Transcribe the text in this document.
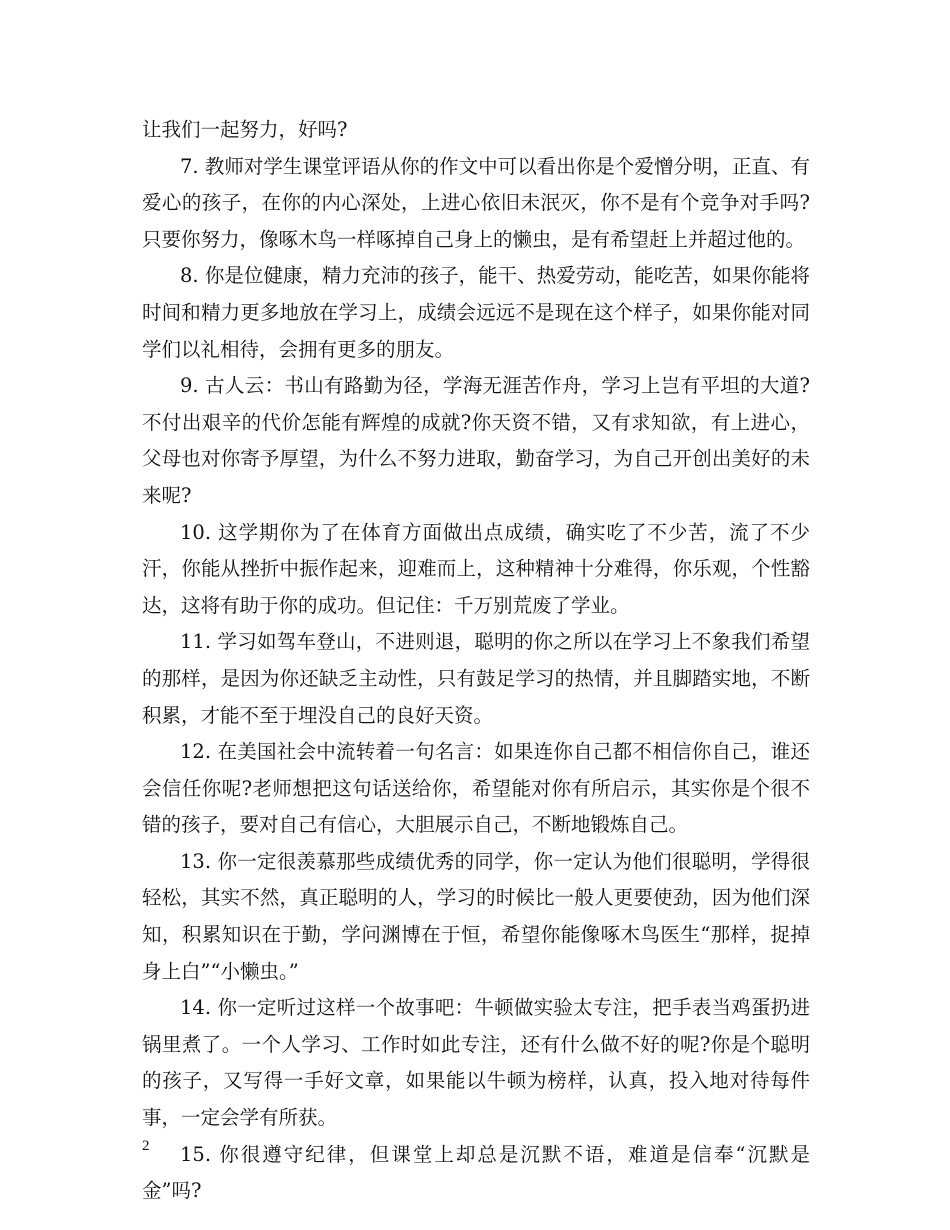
让我们一起努力，好吗?

7. 教师对学生课堂评语从你的作文中可以看出你是个爱憎分明，正直、有爱心的孩子，在你的内心深处，上进心依旧未泯灭，你不是有个竞争对手吗?只要你努力，像啄木鸟一样啄掉自己身上的懒虫，是有希望赶上并超过他的。

8. 你是位健康，精力充沛的孩子，能干、热爱劳动，能吃苦，如果你能将时间和精力更多地放在学习上，成绩会远远不是现在这个样子，如果你能对同学们以礼相待，会拥有更多的朋友。

9. 古人云：书山有路勤为径，学海无涯苦作舟，学习上岂有平坦的大道?不付出艰辛的代价怎能有辉煌的成就?你天资不错，又有求知欲，有上进心，父母也对你寄予厚望，为什么不努力进取，勤奋学习，为自己开创出美好的未来呢?

10. 这学期你为了在体育方面做出点成绩，确实吃了不少苦，流了不少汗，你能从挫折中振作起来，迎难而上，这种精神十分难得，你乐观，个性豁达，这将有助于你的成功。但记住：千万别荒废了学业。

11. 学习如驾车登山，不进则退，聪明的你之所以在学习上不象我们希望的那样，是因为你还缺乏主动性，只有鼓足学习的热情，并且脚踏实地，不断积累，才能不至于埋没自己的良好天资。

12. 在美国社会中流转着一句名言：如果连你自己都不相信你自己，谁还会信任你呢?老师想把这句话送给你，希望能对你有所启示，其实你是个很不错的孩子，要对自己有信心，大胆展示自己，不断地锻炼自己。

13. 你一定很羡慕那些成绩优秀的同学，你一定认为他们很聪明，学得很轻松，其实不然，真正聪明的人，学习的时候比一般人更要使劲，因为他们深知，积累知识在于勤，学问渊博在于恒，希望你能像啄木鸟医生“那样，捉掉身上白”“小懒虫。”

14. 你一定听过这样一个故事吧：牛顿做实验太专注，把手表当鸡蛋扔进锅里煮了。一个人学习、工作时如此专注，还有什么做不好的呢?你是个聪明的孩子，又写得一手好文章，如果能以牛顿为榜样，认真，投入地对待每件事，一定会学有所获。

15. 你很遵守纪律，但课堂上却总是沉默不语，难道是信奉“沉默是金”吗?

2
